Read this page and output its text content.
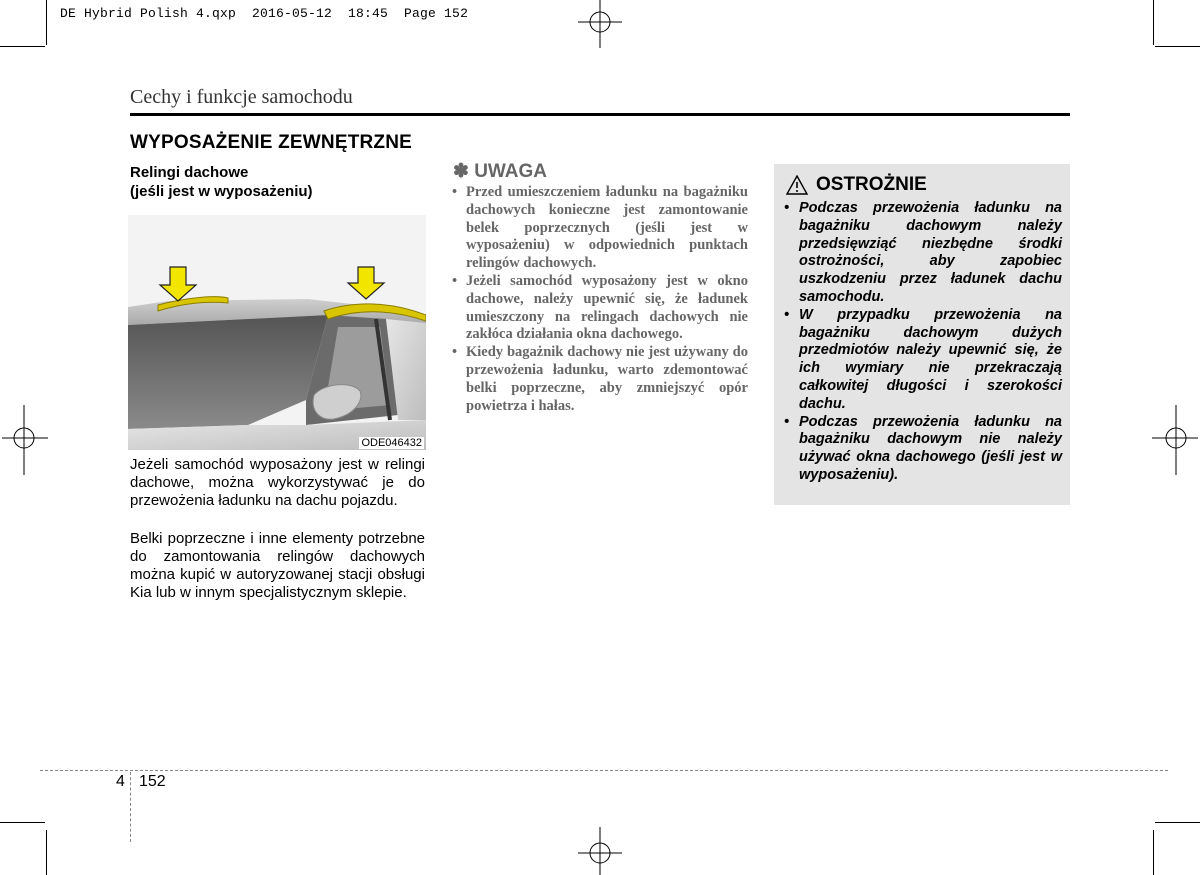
DE Hybrid Polish 4.qxp  2016-05-12  18:45  Page 152
Cechy i funkcje samochodu
WYPOSAŻENIE ZEWNĘTRZNE
Relingi dachowe
(jeśli jest w wyposażeniu)
ODE046432
Jeżeli samochód wyposażony jest w relingi dachowe, można wykorzystywać je do przewożenia ładunku na dachu pojazdu.
Belki poprzeczne i inne elementy potrzebne do zamontowania relingów dachowych można kupić w autoryzowanej stacji obsługi Kia lub w innym specjalistycznym sklepie.
✽ UWAGA
• Przed umieszczeniem ładunku na bagażniku dachowych konieczne jest zamontowanie belek poprzecznych (jeśli jest w wyposażeniu) w odpowiednich punktach relingów dachowych.
• Jeżeli samochód wyposażony jest w okno dachowe, należy upewnić się, że ładunek umieszczony na relingach dachowych nie zakłóca działania okna dachowego.
• Kiedy bagażnik dachowy nie jest używany do przewożenia ładunku, warto zdemontować belki poprzeczne, aby zmniejszyć opór powietrza i hałas.
OSTROŻNIE
• Podczas przewożenia ładunku na bagażniku dachowym należy przedsięwziąć niezbędne środki ostrożności, aby zapobiec uszkodzeniu przez ładunek dachu samochodu.
• W przypadku przewożenia na bagażniku dachowym dużych przedmiotów należy upewnić się, że ich wymiary nie przekraczają całkowitej długości i szerokości dachu.
• Podczas przewożenia ładunku na bagażniku dachowym nie należy używać okna dachowego (jeśli jest w wyposażeniu).
4 152
